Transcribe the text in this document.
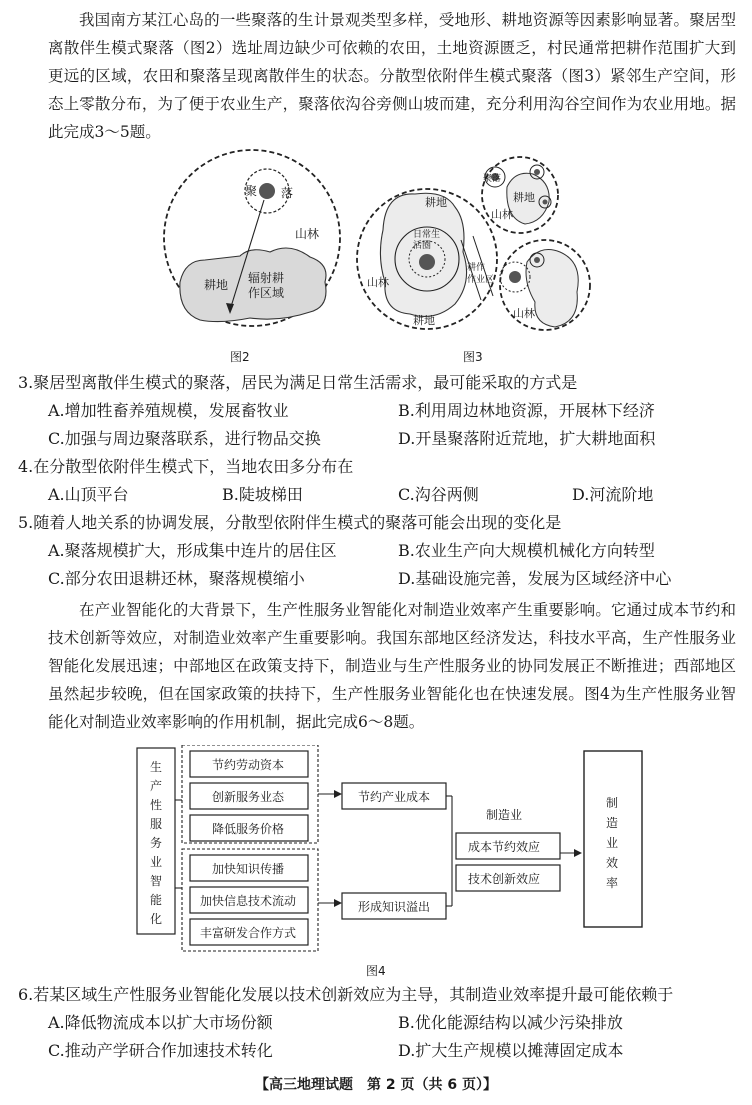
我国南方某江心岛的一些聚落的生计景观类型多样，受地形、耕地资源等因素影响显著。聚居型离散伴生模式聚落（图2）选址周边缺少可依赖的农田，土地资源匮乏，村民通常把耕作范围扩大到更远的区域，农田和聚落呈现离散伴生的状态。分散型依附伴生模式聚落（图3）紧邻生产空间，形态上零散分布，为了便于农业生产，聚落依沟谷旁侧山坡而建，充分利用沟谷空间作为农业用地。据此完成3～5题。

聚 落
山林
耕地 辐射耕
作区域
图2
耕地
日常生
活圈
山林
耕地
耕作
作业区
聚落
山林
耕地
山林
图3

3.聚居型离散伴生模式的聚落，居民为满足日常生活需求，最可能采取的方式是

A.增加牲畜养殖规模，发展畜牧业	B.利用周边林地资源，开展林下经济

C.加强与周边聚落联系，进行物品交换	D.开垦聚落附近荒地，扩大耕地面积

4.在分散型依附伴生模式下，当地农田多分布在

A.山顶平台	B.陡坡梯田	C.沟谷两侧	D.河流阶地

5.随着人地关系的协调发展，分散型依附伴生模式的聚落可能会出现的变化是

A.聚落规模扩大，形成集中连片的居住区	B.农业生产向大规模机械化方向转型

C.部分农田退耕还林，聚落规模缩小	D.基础设施完善，发展为区域经济中心

在产业智能化的大背景下，生产性服务业智能化对制造业效率产生重要影响。它通过成本节约和技术创新等效应，对制造业效率产生重要影响。我国东部地区经济发达，科技水平高，生产性服务业智能化发展迅速；中部地区在政策支持下，制造业与生产性服务业的协同发展正不断推进；西部地区虽然起步较晚，但在国家政策的扶持下，生产性服务业智能化也在快速发展。图4为生产性服务业智能化对制造业效率影响的作用机制，据此完成6～8题。

生
产
性
服
务
业
智
能
化
节约劳动资本
创新服务业态
降低服务价格
加快知识传播
加快信息技术流动
丰富研发合作方式
节约产业成本
形成知识溢出
制造业
成本节约效应
技术创新效应
制
造
业
效
率
图4

6.若某区域生产性服务业智能化发展以技术创新效应为主导，其制造业效率提升最可能依赖于

A.降低物流成本以扩大市场份额	B.优化能源结构以减少污染排放

C.推动产学研合作加速技术转化	D.扩大生产规模以摊薄固定成本

【高三地理试题　第 2 页（共 6 页）】
